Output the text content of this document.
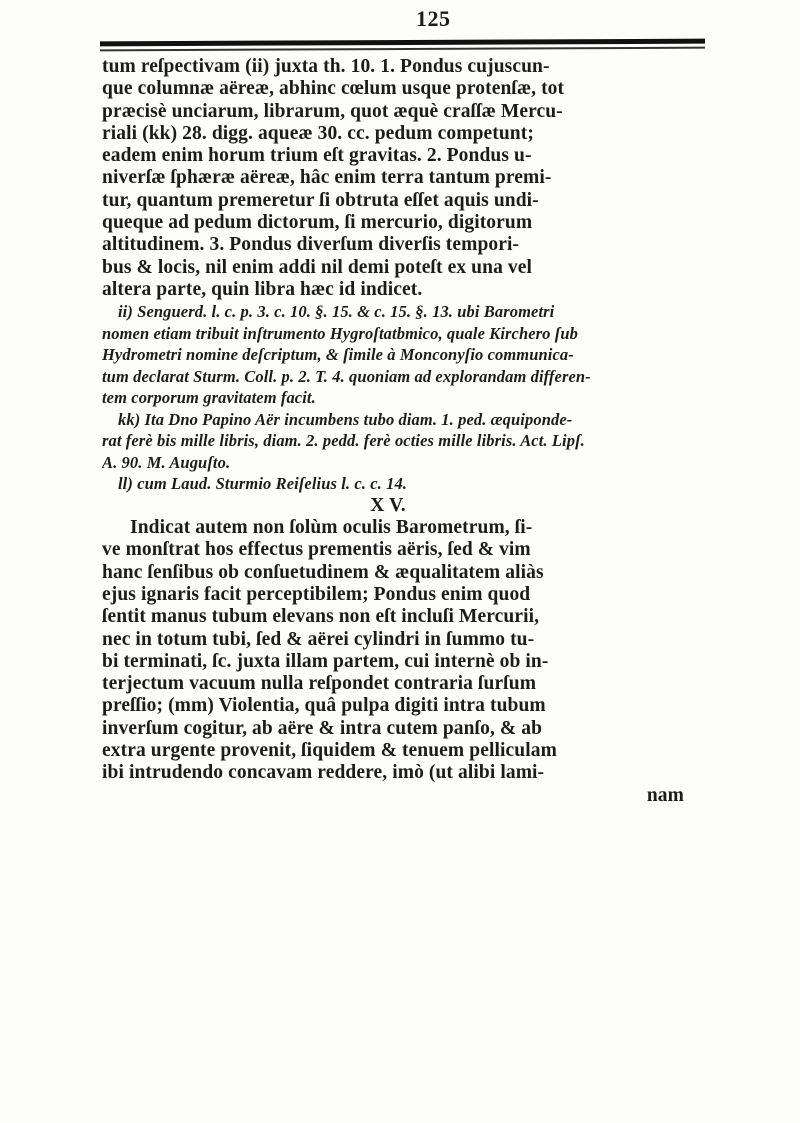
125
tum reſpectivam (ii) juxta th. 10. 1. Pondus cujuscun-
que columnæ aëreæ, abhinc cœlum usque protenſæ, tot
præcisè unciarum, librarum, quot æquè craſſæ Mercu-
riali (kk) 28. digg. aqueæ 30. cc. pedum competunt;
eadem enim horum trium eſt gravitas. 2. Pondus u-
niverſæ ſphæræ aëreæ, hâc enim terra tantum premi-
tur, quantum premeretur ſi obtruta eſſet aquis undi-
queque ad pedum dictorum, ſi mercurio, digitorum
altitudinem. 3. Pondus diverſum diverſis tempori-
bus & locis, nil enim addi nil demi poteſt ex una vel
altera parte, quin libra hæc id indicet.
ii) Senguerd. l. c. p. 3. c. 10. §. 15. & c. 15. §. 13. ubi Barometri
nomen etiam tribuit inſtrumento Hygroſtatbmico, quale Kirchero ſub
Hydrometri nomine deſcriptum, & ſimile à Monconyſio communica-
tum declarat Sturm. Coll. p. 2. T. 4. quoniam ad explorandam differen-
tem corporum gravitatem facit.
kk) Ita Dno Papino Aër incumbens tubo diam. 1. ped. æquiponde-
rat ferè bis mille libris, diam. 2. pedd. ferè octies mille libris. Act. Lipſ.
A. 90. M. Auguſto.
ll) cum Laud. Sturmio Reiſelius l. c. c. 14.
X V.
Indicat autem non ſolùm oculis Barometrum, ſi-
ve monſtrat hos effectus prementis aëris, ſed & vim
hanc ſenſibus ob conſuetudinem & æqualitatem aliàs
ejus ignaris facit perceptibilem; Pondus enim quod
ſentit manus tubum elevans non eſt incluſi Mercurii,
nec in totum tubi, ſed & aërei cylindri in ſummo tu-
bi terminati, ſc. juxta illam partem, cui internè ob in-
terjectum vacuum nulla reſpondet contraria ſurſum
preſſio; (mm) Violentia, quâ pulpa digiti intra tubum
inverſum cogitur, ab aëre & intra cutem panſo, & ab
extra urgente provenit, ſiquidem & tenuem pelliculam
ibi intrudendo concavam reddere, imò (ut alibi lami-
nam
